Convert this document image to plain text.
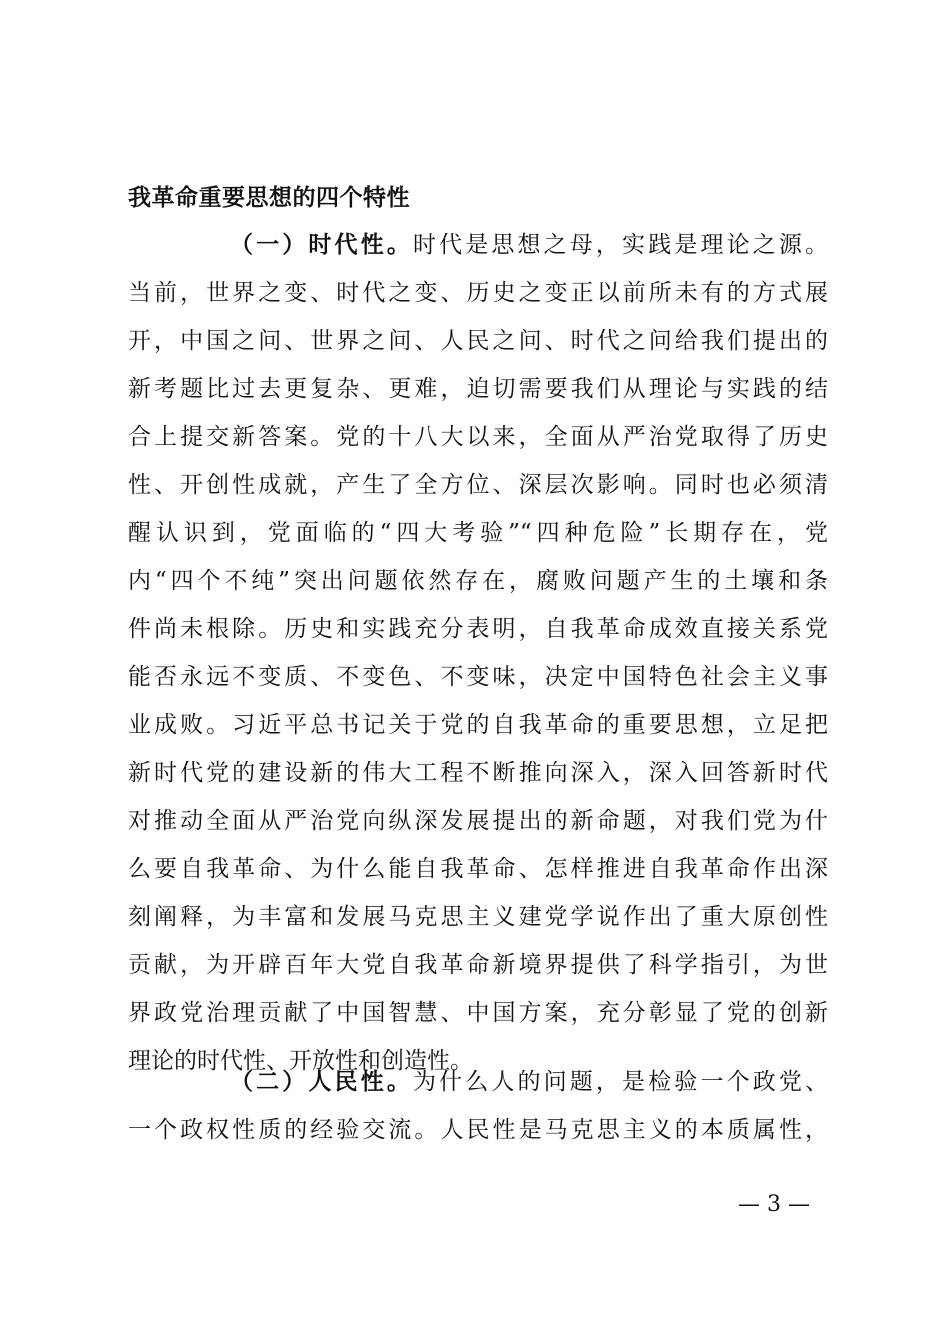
我革命重要思想的四个特性
（一）时代性。时代是思想之母，实践是理论之源。
当前，世界之变、时代之变、历史之变正以前所未有的方式展
开，中国之问、世界之问、人民之问、时代之问给我们提出的
新考题比过去更复杂、更难，迫切需要我们从理论与实践的结
合上提交新答案。党的十八大以来，全面从严治党取得了历史
性、开创性成就，产生了全方位、深层次影响。同时也必须清
醒认识到，党面临的“四大考验”“四种危险”长期存在，党
内“四个不纯”突出问题依然存在，腐败问题产生的土壤和条
件尚未根除。历史和实践充分表明，自我革命成效直接关系党
能否永远不变质、不变色、不变味，决定中国特色社会主义事
业成败。习近平总书记关于党的自我革命的重要思想，立足把
新时代党的建设新的伟大工程不断推向深入，深入回答新时代
对推动全面从严治党向纵深发展提出的新命题，对我们党为什
么要自我革命、为什么能自我革命、怎样推进自我革命作出深
刻阐释，为丰富和发展马克思主义建党学说作出了重大原创性
贡献，为开辟百年大党自我革命新境界提供了科学指引，为世
界政党治理贡献了中国智慧、中国方案，充分彰显了党的创新
理论的时代性、开放性和创造性。
（二）人民性。为什么人的问题，是检验一个政党、
一个政权性质的经验交流。人民性是马克思主义的本质属性，
— 3 —
